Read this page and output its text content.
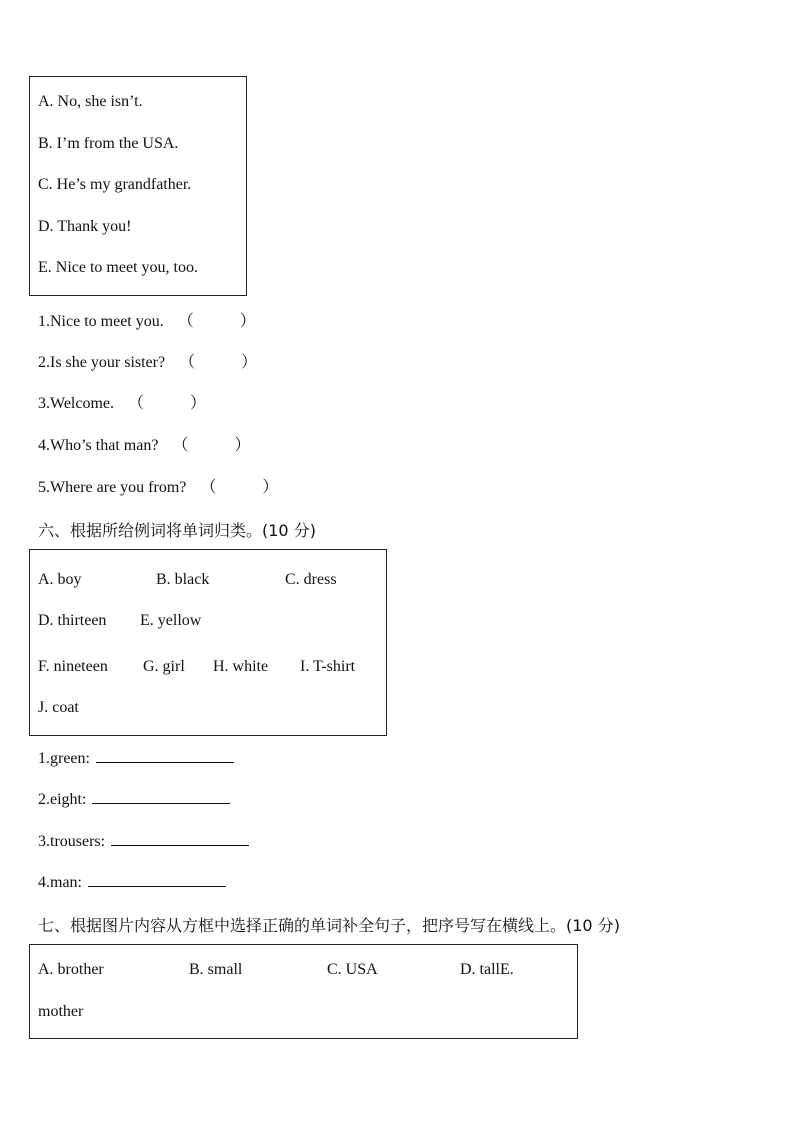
A. No, she isn’t.
B. I’m from the USA.
C. He’s my grandfather.
D. Thank you!
E. Nice to meet you, too.
1.Nice to meet you. （	）
2.Is she your sister? （	）
3.Welcome. （	）
4.Who’s that man? （	）
5.Where are you from? （	）
六、根据所给例词将单词归类。(10 分)
A. boy	B. black	C. dress
D. thirteen E. yellow
F. nineteen G. girl H. white I. T-shirt
J. coat
1.green:
2.eight:
3.trousers:
4.man:
七、根据图片内容从方框中选择正确的单词补全句子，把序号写在横线上。(10 分)
A. brother	B. small	C. USA	D. tallE.
mother
